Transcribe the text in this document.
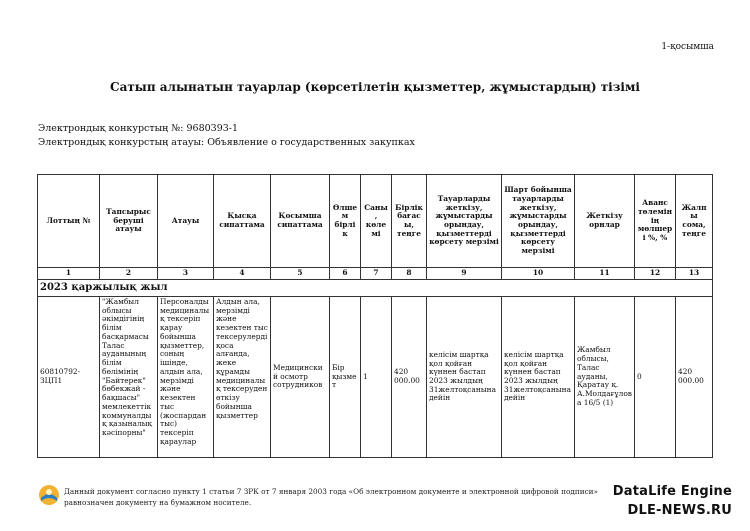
1-қосымша
Сатып алынатын тауарлар (көрсетілетін қызметтер, жұмыстардың) тізімі
Электрондық конкурстың №: 9680393-1
Электрондық конкурстың атауы: Объявление о государственных закупках
Лоттың №	Тапсырыс беруші атауы	Атауы	Қысқа сипаттама	Қосымша сипаттама	Өлшем бірлік	Саны, көлемі	Бірлік бағасы, теңге	Тауарларды жеткізу, жұмыстарды орындау, қызметтерді көрсету мерзімі	Шарт бойынша тауарларды жеткізу, жұмыстарды орындау, қызметтерді көрсету мерзімі	Жеткізу орнлар	Аванс төлемінің мөлшері %, %	Жалпы сома, теңге
1	2	3	4	5	6	7	8	9	10	11	12	13
2023 қаржылық жыл												
60810792-ЗЦП1	"Жамбыл облысы әкімдігінің білім басқармасы Талас ауданының білім бөлімінің "Байтерек" бөбекжай - бақшасы" мемлекеттік коммуналдық қазыналық кәсіпорны"	Персоналды медициналық тексеріп қарау бойынша қызметтер, соның ішінде, алдын ала, мерзімді және кезектен тыс (жоспардан тыс) тексеріп қараулар	Алдын ала, мерзімді және кезектен тыс тексерулерді қоса алғанда, жеке құрамды медициналық тексеруден өткізу бойынша қызметтер	Медицинский осмотр сотрудников	Бір қызмет	1	420 000.00	келісім шартқа қол қойған күннен бастап 2023 жылдың 31желтоқсанына дейін	келісім шартқа қол қойған күннен бастап 2023 жылдың 31желтоқсанына дейін	Жамбыл облысы, Талас ауданы, Қаратау қ. А.Молдағұлова 16/5 (1)	0	420 000.00
Данный документ согласно пункту 1 статьи 7 ЗРК от 7 января 2003 года «Об электронном документе и электронной цифровой подписи» равнозначен документу на бумажном носителе.
DataLife Engine
DLE-NEWS.RU
